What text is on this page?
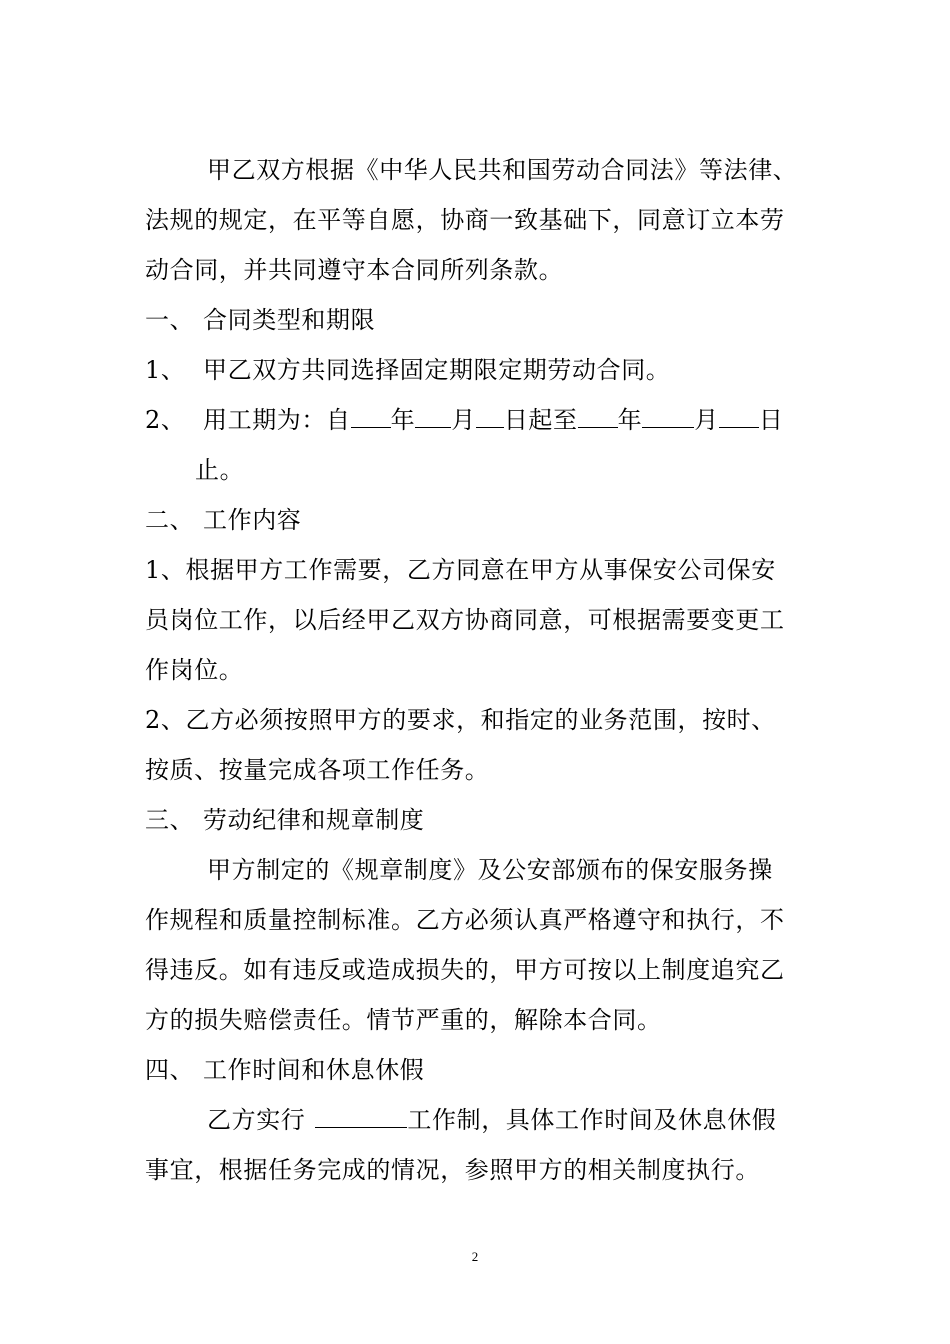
甲乙双方根据《中华人民共和国劳动合同法》等法律、
法规的规定，在平等自愿，协商一致基础下，同意订立本劳
动合同，并共同遵守本合同所列条款。
一、 合同类型和期限
1、 甲乙双方共同选择固定期限定期劳动合同。
2、 用工期为：自 年 月 日起至 年 月 日
止。
二、 工作内容
1、根据甲方工作需要，乙方同意在甲方从事保安公司保安
员岗位工作，以后经甲乙双方协商同意，可根据需要变更工
作岗位。
2、乙方必须按照甲方的要求，和指定的业务范围，按时、
按质、按量完成各项工作任务。
三、 劳动纪律和规章制度
甲方制定的《规章制度》及公安部颁布的保安服务操
作规程和质量控制标准。乙方必须认真严格遵守和执行，不
得违反。如有违反或造成损失的，甲方可按以上制度追究乙
方的损失赔偿责任。情节严重的，解除本合同。
四、 工作时间和休息休假
乙方实行	工作制，具体工作时间及休息休假
事宜，根据任务完成的情况，参照甲方的相关制度执行。
2
